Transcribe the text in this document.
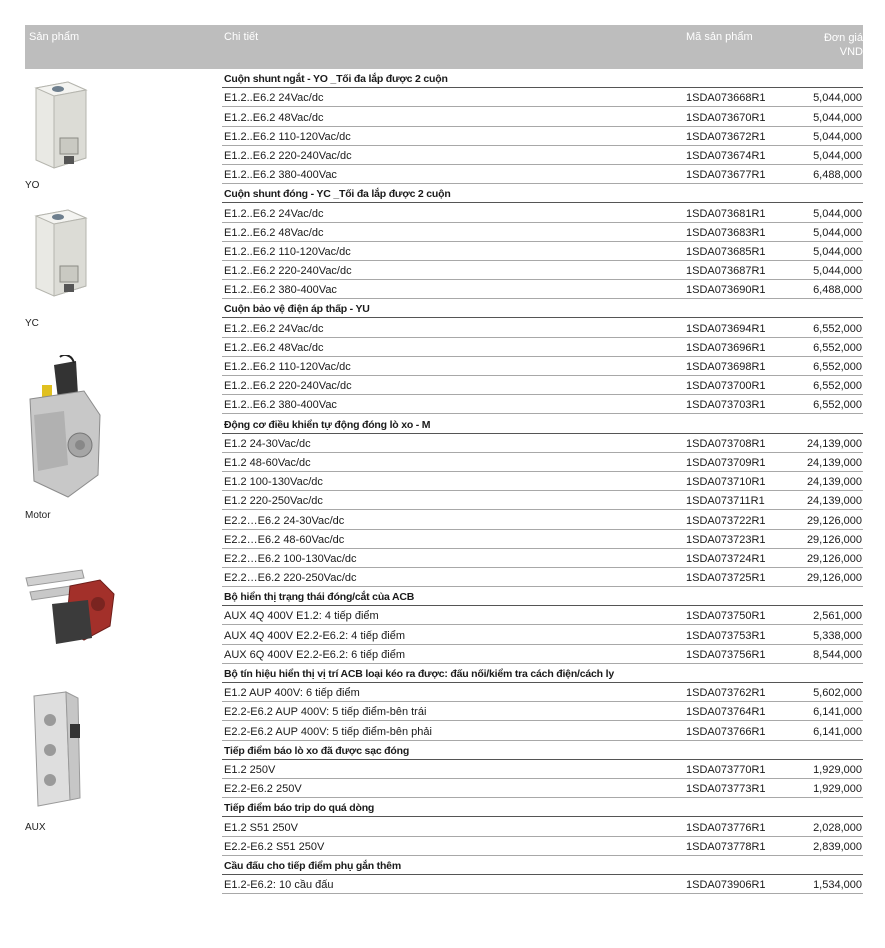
Sản phẩm	Chi tiết	Mã sản phẩm	Đơn giá
VND
YO
YC
Motor
AUX
Cuộn shunt ngắt - YO _Tối đa lắp được 2 cuộn
E1.2..E6.2 24Vac/dc	1SDA073668R1	5,044,000
E1.2..E6.2 48Vac/dc	1SDA073670R1	5,044,000
E1.2..E6.2 110-120Vac/dc	1SDA073672R1	5,044,000
E1.2..E6.2 220-240Vac/dc	1SDA073674R1	5,044,000
E1.2..E6.2 380-400Vac	1SDA073677R1	6,488,000
Cuộn shunt đóng - YC _Tối đa lắp được 2 cuộn
E1.2..E6.2 24Vac/dc	1SDA073681R1	5,044,000
E1.2..E6.2 48Vac/dc	1SDA073683R1	5,044,000
E1.2..E6.2 110-120Vac/dc	1SDA073685R1	5,044,000
E1.2..E6.2 220-240Vac/dc	1SDA073687R1	5,044,000
E1.2..E6.2 380-400Vac	1SDA073690R1	6,488,000
Cuộn bảo vệ điện áp thấp - YU
E1.2..E6.2 24Vac/dc	1SDA073694R1	6,552,000
E1.2..E6.2 48Vac/dc	1SDA073696R1	6,552,000
E1.2..E6.2 110-120Vac/dc	1SDA073698R1	6,552,000
E1.2..E6.2 220-240Vac/dc	1SDA073700R1	6,552,000
E1.2..E6.2 380-400Vac	1SDA073703R1	6,552,000
Động cơ điều khiển tự động đóng lò xo - M
E1.2 24-30Vac/dc	1SDA073708R1	24,139,000
E1.2 48-60Vac/dc	1SDA073709R1	24,139,000
E1.2 100-130Vac/dc	1SDA073710R1	24,139,000
E1.2 220-250Vac/dc	1SDA073711R1	24,139,000
E2.2…E6.2 24-30Vac/dc	1SDA073722R1	29,126,000
E2.2…E6.2 48-60Vac/dc	1SDA073723R1	29,126,000
E2.2…E6.2 100-130Vac/dc	1SDA073724R1	29,126,000
E2.2…E6.2 220-250Vac/dc	1SDA073725R1	29,126,000
Bộ hiển thị trạng thái đóng/cắt của ACB
AUX 4Q 400V E1.2: 4 tiếp điểm	1SDA073750R1	2,561,000
AUX 4Q 400V E2.2-E6.2: 4 tiếp điểm	1SDA073753R1	5,338,000
AUX 6Q 400V E2.2-E6.2: 6 tiếp điểm	1SDA073756R1	8,544,000
Bộ tín hiệu hiển thị vị trí ACB loại kéo ra được: đấu nối/kiểm tra cách điện/cách ly
E1.2 AUP 400V: 6 tiếp điểm	1SDA073762R1	5,602,000
E2.2-E6.2 AUP 400V: 5 tiếp điểm-bên trái	1SDA073764R1	6,141,000
E2.2-E6.2 AUP 400V: 5 tiếp điểm-bên phải	1SDA073766R1	6,141,000
Tiếp điểm báo lò xo đã được sạc đóng
E1.2 250V	1SDA073770R1	1,929,000
E2.2-E6.2 250V	1SDA073773R1	1,929,000
Tiếp điểm báo trip do quá dòng
E1.2 S51 250V	1SDA073776R1	2,028,000
E2.2-E6.2 S51 250V	1SDA073778R1	2,839,000
Cầu đấu cho tiếp điểm phụ gắn thêm
E1.2-E6.2: 10 cầu đấu	1SDA073906R1	1,534,000
